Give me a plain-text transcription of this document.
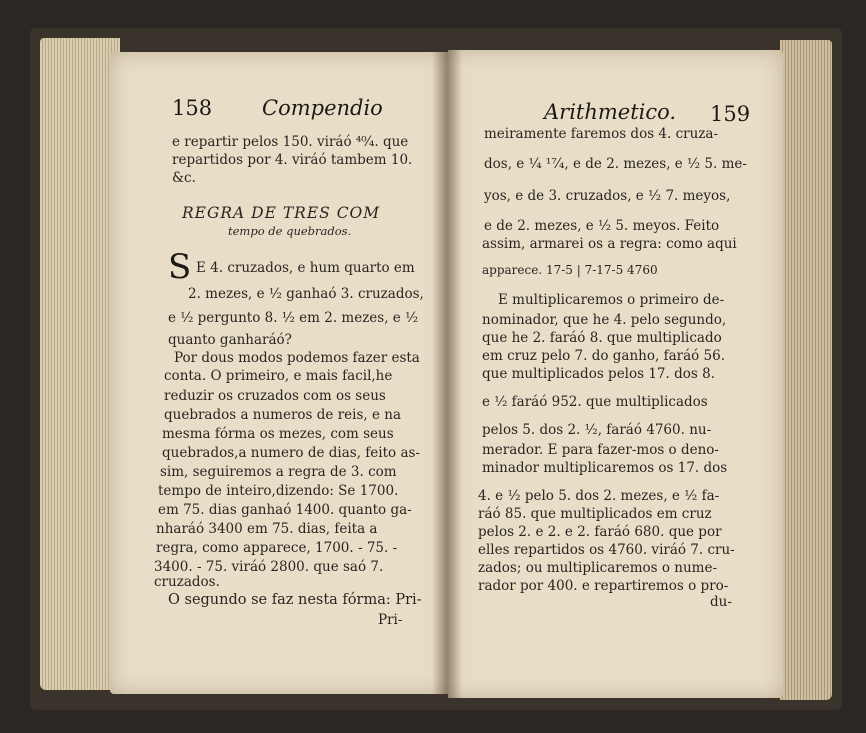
158 Compendio
e repartir pelos 150. viráó ⁴⁰⁄₄. que
repartidos por 4. viráó tambem 10.
&c.
REGRA DE TRES COM
tempo de quebrados.
S E 4. cruzados, e hum quarto em
2. mezes, e ¹⁄₂ ganhaó 3. cruzados,
e ¹⁄₂ pergunto 8. ¹⁄₂ em 2. mezes, e ¹⁄₂
quanto ganharáó?
Por dous modos podemos fazer esta
conta. O primeiro, e mais facil,he
reduzir os cruzados com os seus
quebrados a numeros de reis, e na
mesma fórma os mezes, com seus
quebrados,a numero de dias, feito as-
sim, seguiremos a regra de 3. com
tempo de inteiro,dizendo: Se 1700.
em 75. dias ganhaó 1400. quanto ga-
nharáó 3400 em 75. dias, feita a
regra, como apparece, 1700. - 75. -
3400. - 75. viráó 2800. que saó 7.
cruzados.
O segundo se faz nesta fórma: Pri-
Pri-
Arithmetico. 159
meiramente faremos dos 4. cruza-
dos, e ¹⁄₄ ¹⁷⁄₄, e de 2. mezes, e ¹⁄₂ 5. me-
yos, e de 3. cruzados, e ¹⁄₂ 7. meyos,
e de 2. mezes, e ¹⁄₂ 5. meyos. Feito
assim, armarei os a regra: como aqui
apparece. 17-5 | 7-17-5 4760
E multiplicaremos o primeiro de-
nominador, que he 4. pelo segundo,
que he 2. faráó 8. que multiplicado
em cruz pelo 7. do ganho, faráó 56.
que multiplicados pelos 17. dos 8.
e ¹⁄₂ faráó 952. que multiplicados
pelos 5. dos 2. ¹⁄₂, faráó 4760. nu-
merador. E para fazer-mos o deno-
minador multiplicaremos os 17. dos
4. e ¹⁄₂ pelo 5. dos 2. mezes, e ¹⁄₂ fa-
ráó 85. que multiplicados em cruz
pelos 2. e 2. e 2. faráó 680. que por
elles repartidos os 4760. viráó 7. cru-
zados; ou multiplicaremos o nume-
rador por 400. e repartiremos o pro-
du-
